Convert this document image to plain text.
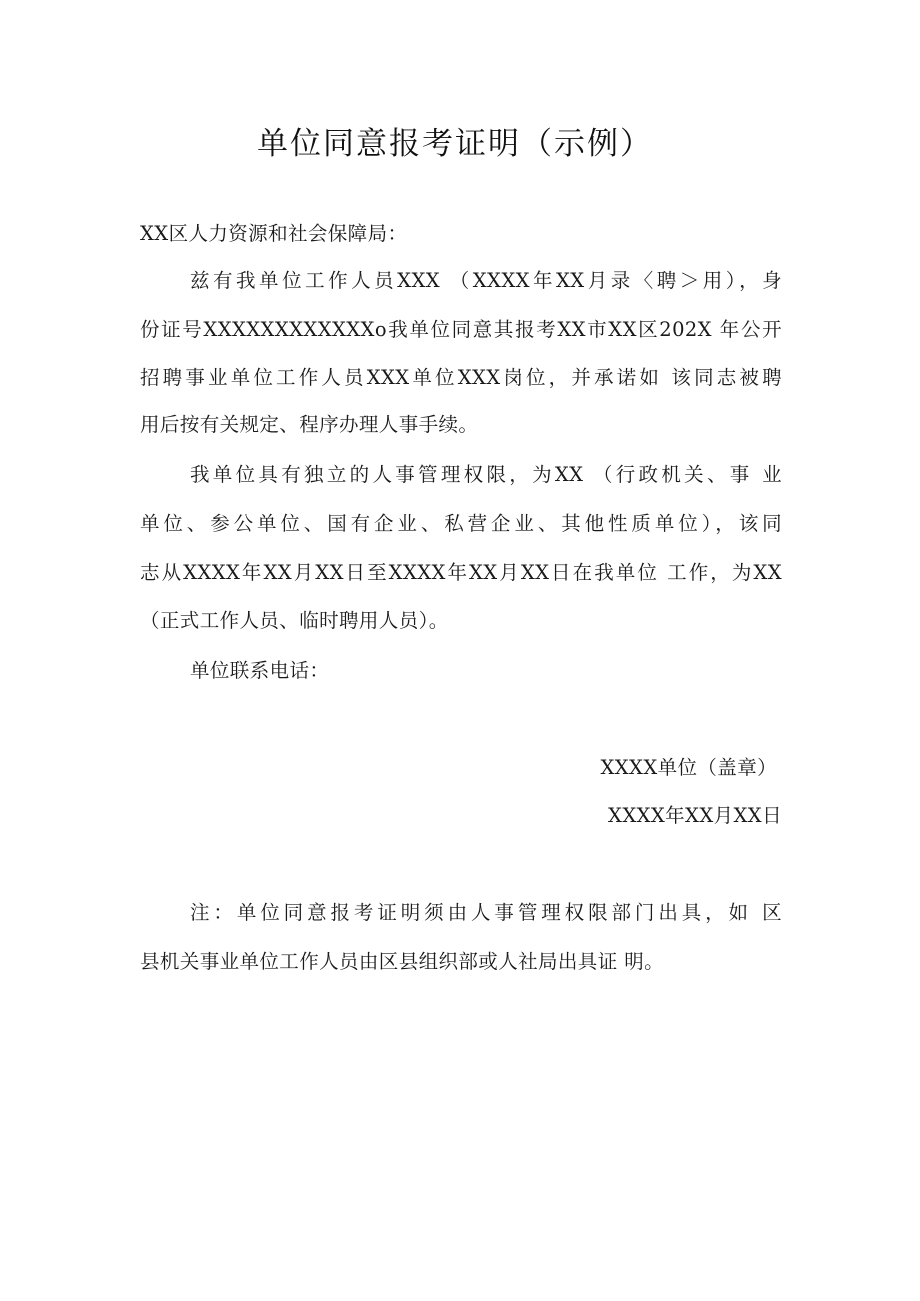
单位同意报考证明（示例）
XX区人力资源和社会保障局：
兹有我单位工作人员XXX （XXXX年XX月录〈聘＞用），身
份证号XXXXXXXXXXXXo我单位同意其报考XX市XX区202X 年公开
招聘事业单位工作人员XXX单位XXX岗位，并承诺如 该同志被聘
用后按有关规定、程序办理人事手续。
我单位具有独立的人事管理权限，为XX （行政机关、事 业
单位、参公单位、国有企业、私营企业、其他性质单位），该同
志从XXXX年XX月XX日至XXXX年XX月XX日在我单位 工作，为XX
（正式工作人员、临时聘用人员）。
单位联系电话：
XXXX单位（盖章）
XXXX年XX月XX日
注：单位同意报考证明须由人事管理权限部门出具，如 区
县机关事业单位工作人员由区县组织部或人社局出具证 明。
